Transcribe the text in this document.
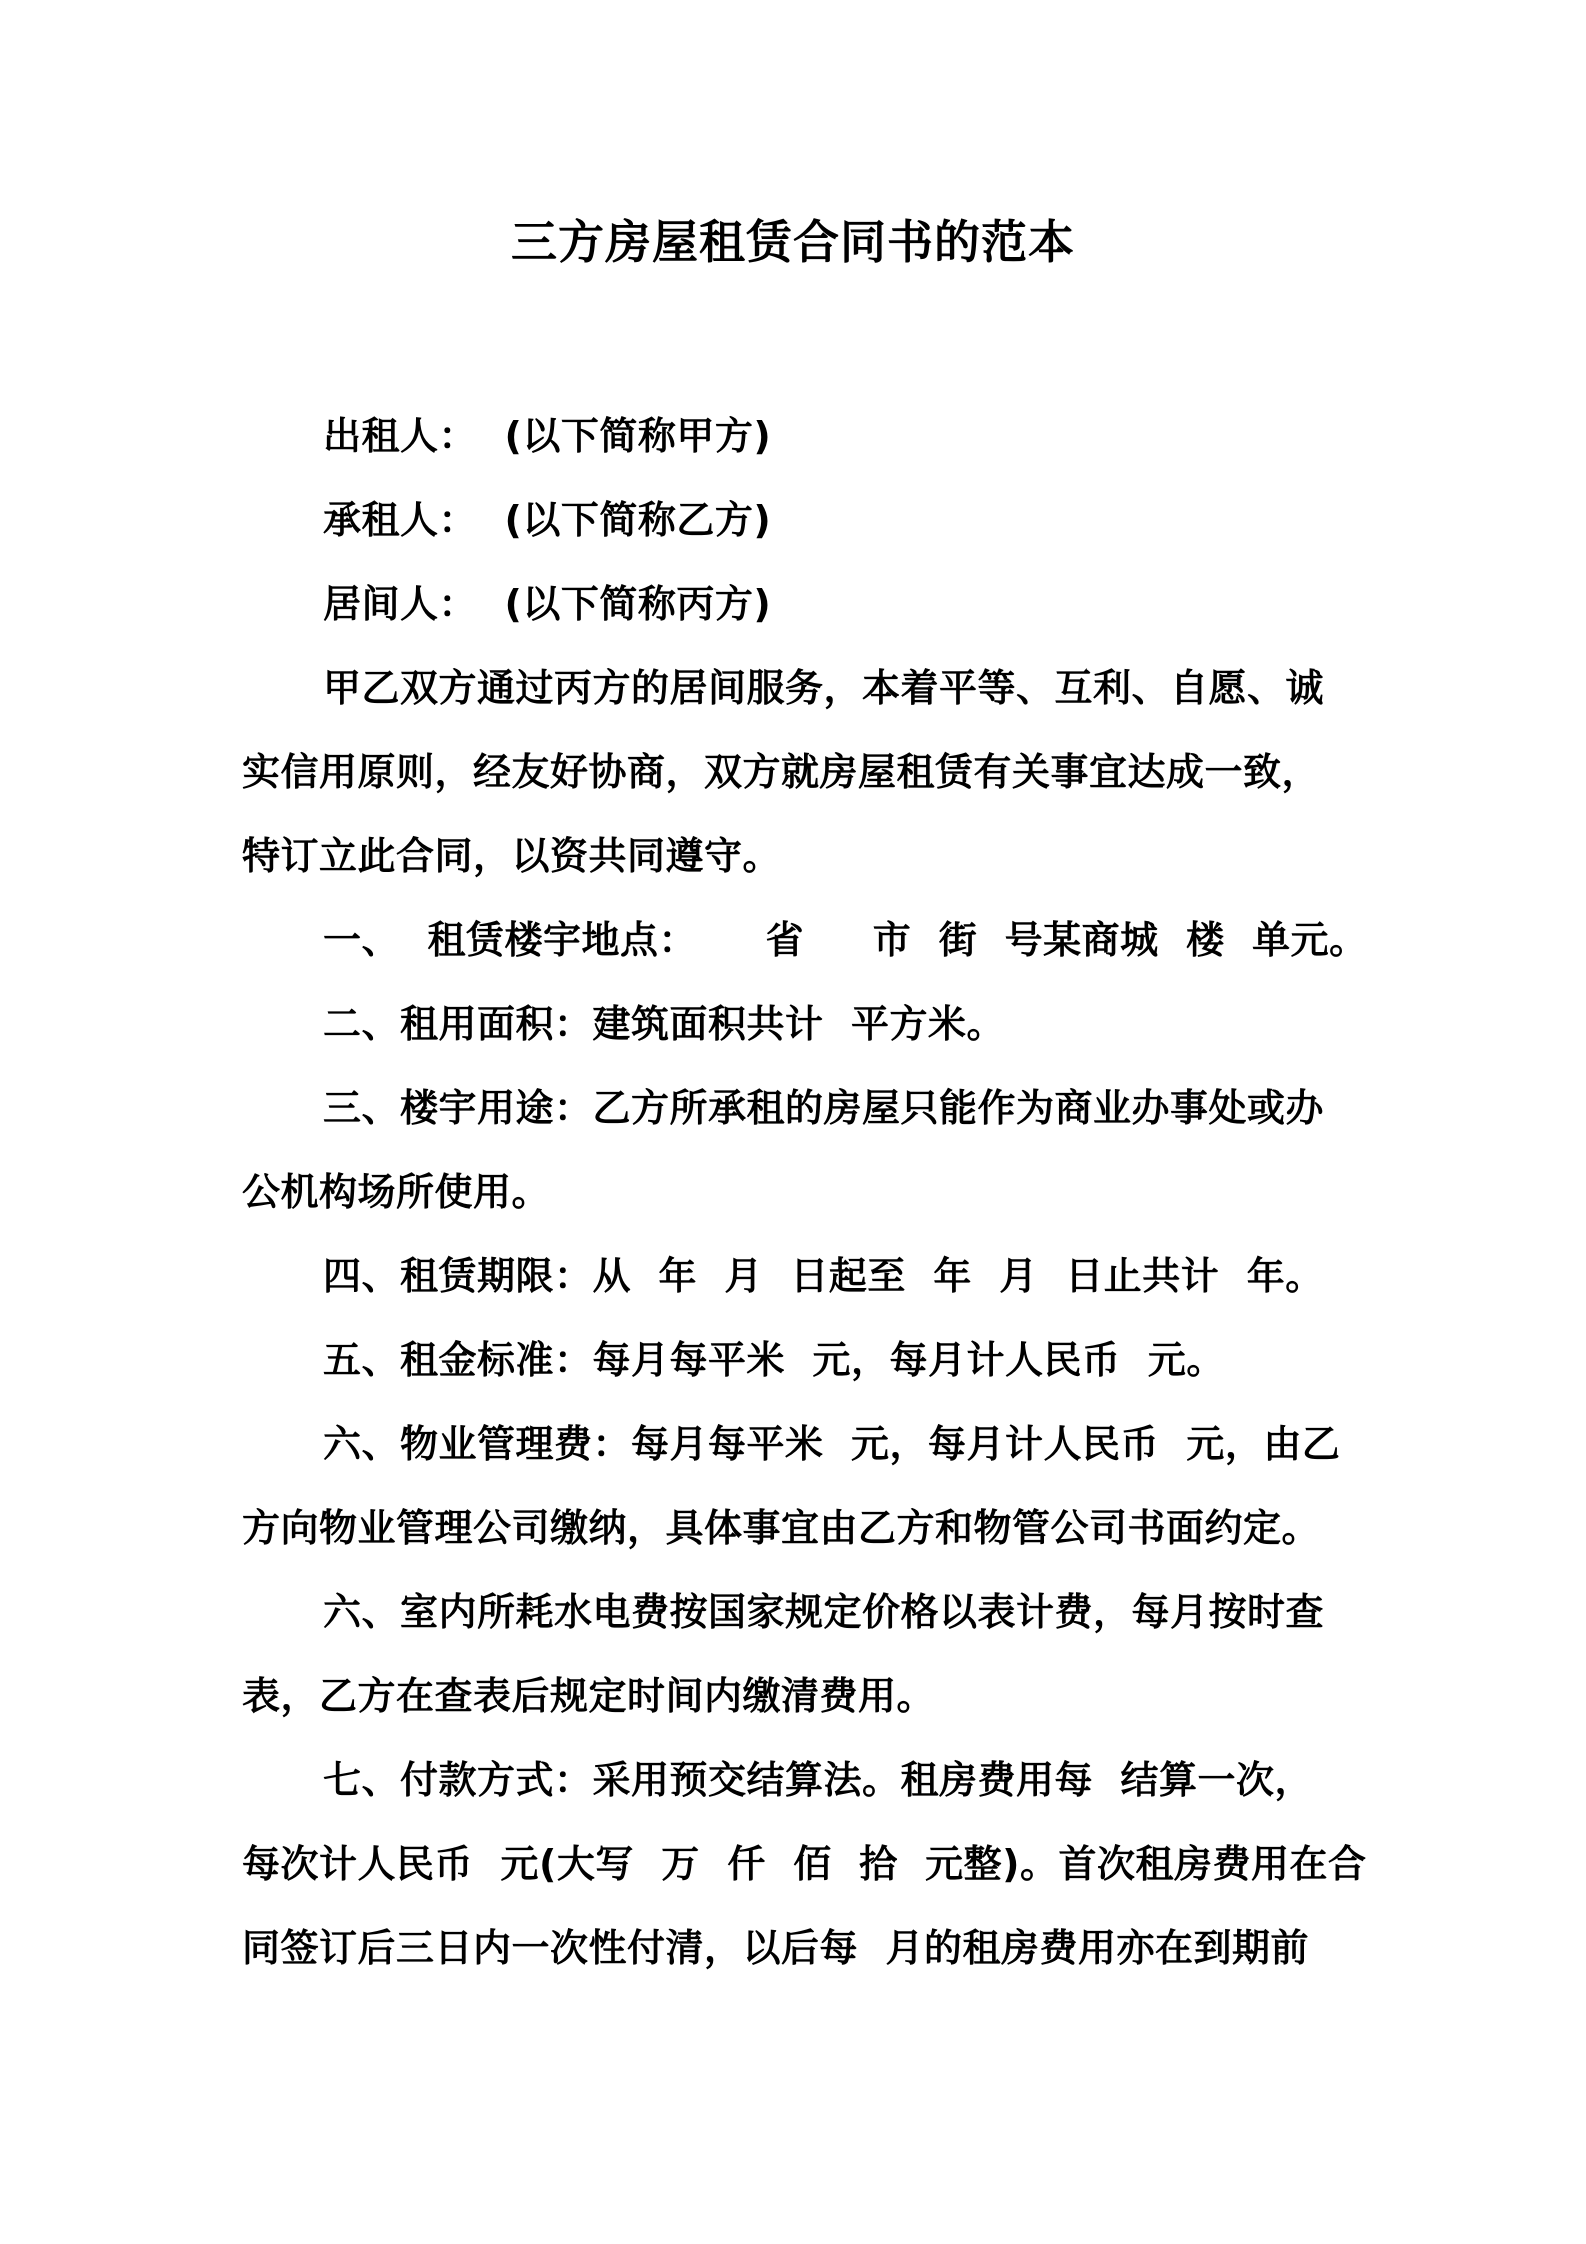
三方房屋租赁合同书的范本
出租人：  (以下简称甲方)
承租人：  (以下简称乙方)
居间人：  (以下简称丙方)
甲乙双方通过丙方的居间服务，本着平等、互利、自愿、诚
实信用原则，经友好协商，双方就房屋租赁有关事宜达成一致，
特订立此合同，以资共同遵守。
一、  租赁楼宇地点：     省     市  街  号某商城  楼  单元。
二、租用面积：建筑面积共计  平方米。
三、楼宇用途：乙方所承租的房屋只能作为商业办事处或办
公机构场所使用。
四、租赁期限：从  年  月  日起至  年  月  日止共计  年。
五、租金标准：每月每平米  元，每月计人民币  元。
六、物业管理费：每月每平米  元，每月计人民币  元，由乙
方向物业管理公司缴纳，具体事宜由乙方和物管公司书面约定。
六、室内所耗水电费按国家规定价格以表计费，每月按时查
表，乙方在查表后规定时间内缴清费用。
七、付款方式：采用预交结算法。租房费用每  结算一次，
每次计人民币  元(大写  万  仟  佰  拾  元整)。首次租房费用在合
同签订后三日内一次性付清，以后每  月的租房费用亦在到期前
